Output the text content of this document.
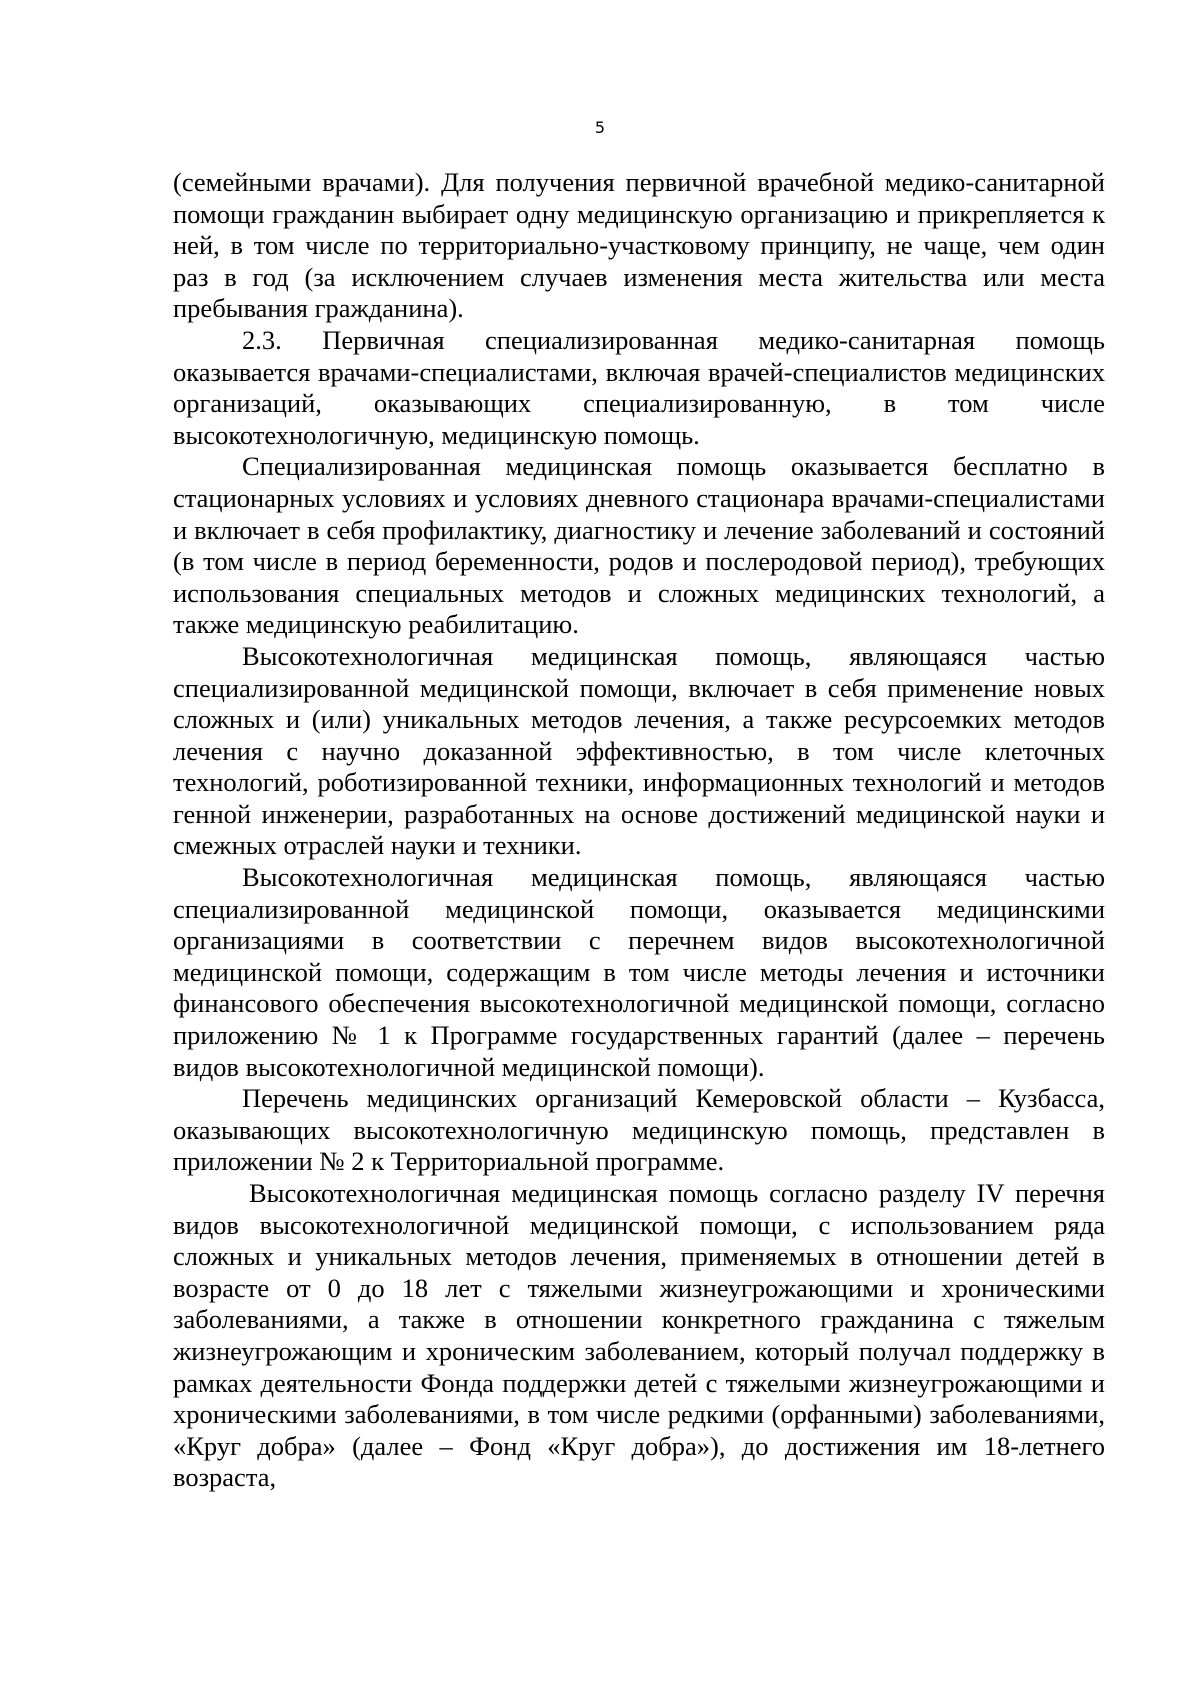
5

(семейными врачами). Для получения первичной врачебной медико-санитарной помощи гражданин выбирает одну медицинскую организацию и прикрепляется к ней, в том числе по территориально-участковому принципу, не чаще, чем один раз в год (за исключением случаев изменения места жительства или места пребывания гражданина).

2.3. Первичная специализированная медико-санитарная помощь оказывается врачами-специалистами, включая врачей-специалистов медицинских организаций, оказывающих специализированную, в том числе высокотехнологичную, медицинскую помощь.

Специализированная медицинская помощь оказывается бесплатно в стационарных условиях и условиях дневного стационара врачами-специалистами и включает в себя профилактику, диагностику и лечение заболеваний и состояний (в том числе в период беременности, родов и послеродовой период), требующих использования специальных методов и сложных медицинских технологий, а также медицинскую реабилитацию.

Высокотехнологичная медицинская помощь, являющаяся частью специализированной медицинской помощи, включает в себя применение новых сложных и (или) уникальных методов лечения, а также ресурсоемких методов лечения с научно доказанной эффективностью, в том числе клеточных технологий, роботизированной техники, информационных технологий и методов генной инженерии, разработанных на основе достижений медицинской науки и смежных отраслей науки и техники.

Высокотехнологичная медицинская помощь, являющаяся частью специализированной медицинской помощи, оказывается медицинскими организациями в соответствии с перечнем видов высокотехнологичной медицинской помощи, содержащим в том числе методы лечения и источники финансового обеспечения высокотехнологичной медицинской помощи, согласно приложению № 1 к Программе государственных гарантий (далее – перечень видов высокотехнологичной медицинской помощи).

Перечень медицинских организаций Кемеровской области – Кузбасса, оказывающих высокотехнологичную медицинскую помощь, представлен в приложении № 2 к Территориальной программе.

Высокотехнологичная медицинская помощь согласно разделу IV перечня видов высокотехнологичной медицинской помощи, с использованием ряда сложных и уникальных методов лечения, применяемых в отношении детей в возрасте от 0 до 18 лет с тяжелыми жизнеугрожающими и хроническими заболеваниями, а также в отношении конкретного гражданина с тяжелым жизнеугрожающим и хроническим заболеванием, который получал поддержку в рамках деятельности Фонда поддержки детей с тяжелыми жизнеугрожающими и хроническими заболеваниями, в том числе редкими (орфанными) заболеваниями, «Круг добра» (далее – Фонд «Круг добра»), до достижения им 18-летнего возраста,
